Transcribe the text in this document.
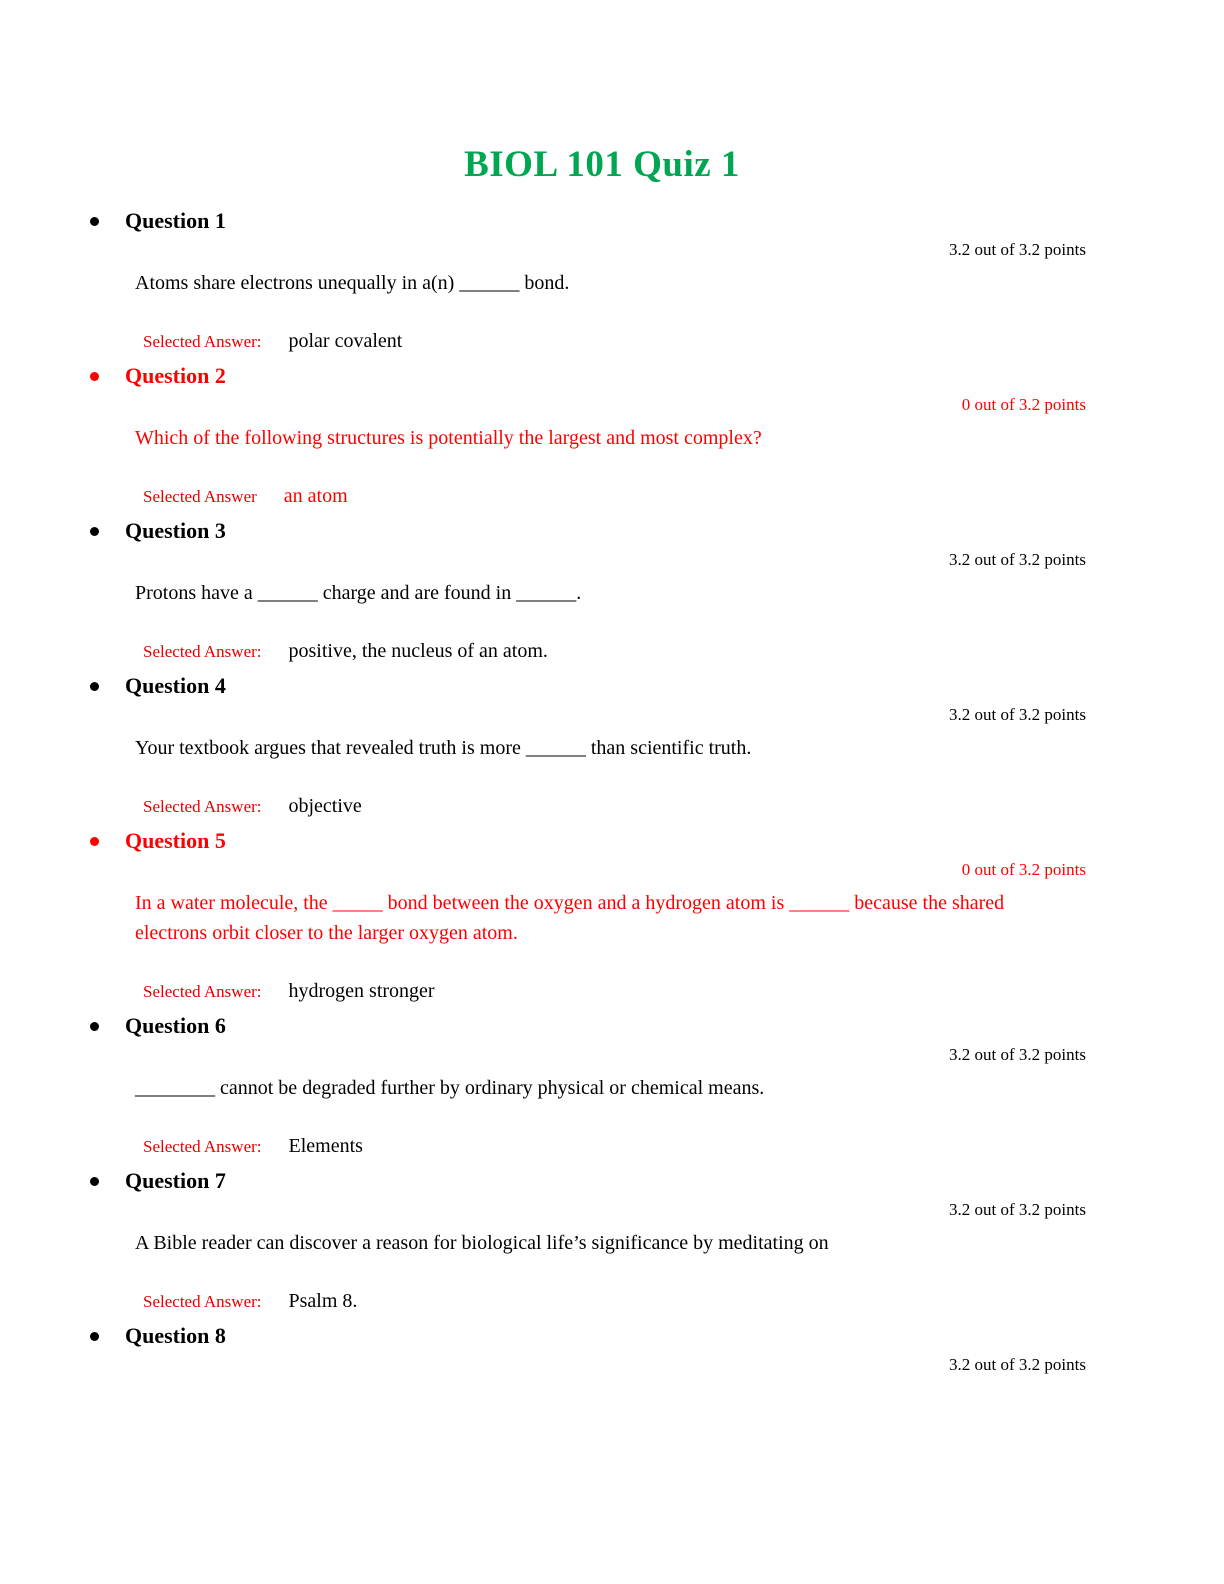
BIOL 101 Quiz 1
Question 1
3.2 out of 3.2 points
Atoms share electrons unequally in a(n) ______ bond.
Selected Answer: polar covalent
Question 2
0 out of 3.2 points
Which of the following structures is potentially the largest and most complex?
Selected Answer an atom
Question 3
3.2 out of 3.2 points
Protons have a ______ charge and are found in ______.
Selected Answer: positive, the nucleus of an atom.
Question 4
3.2 out of 3.2 points
Your textbook argues that revealed truth is more ______ than scientific truth.
Selected Answer: objective
Question 5
0 out of 3.2 points
In a water molecule, the _____ bond between the oxygen and a hydrogen atom is ______ because the shared electrons orbit closer to the larger oxygen atom.
Selected Answer: hydrogen stronger
Question 6
3.2 out of 3.2 points
________ cannot be degraded further by ordinary physical or chemical means.
Selected Answer: Elements
Question 7
3.2 out of 3.2 points
A Bible reader can discover a reason for biological life’s significance by meditating on
Selected Answer: Psalm 8.
Question 8
3.2 out of 3.2 points
